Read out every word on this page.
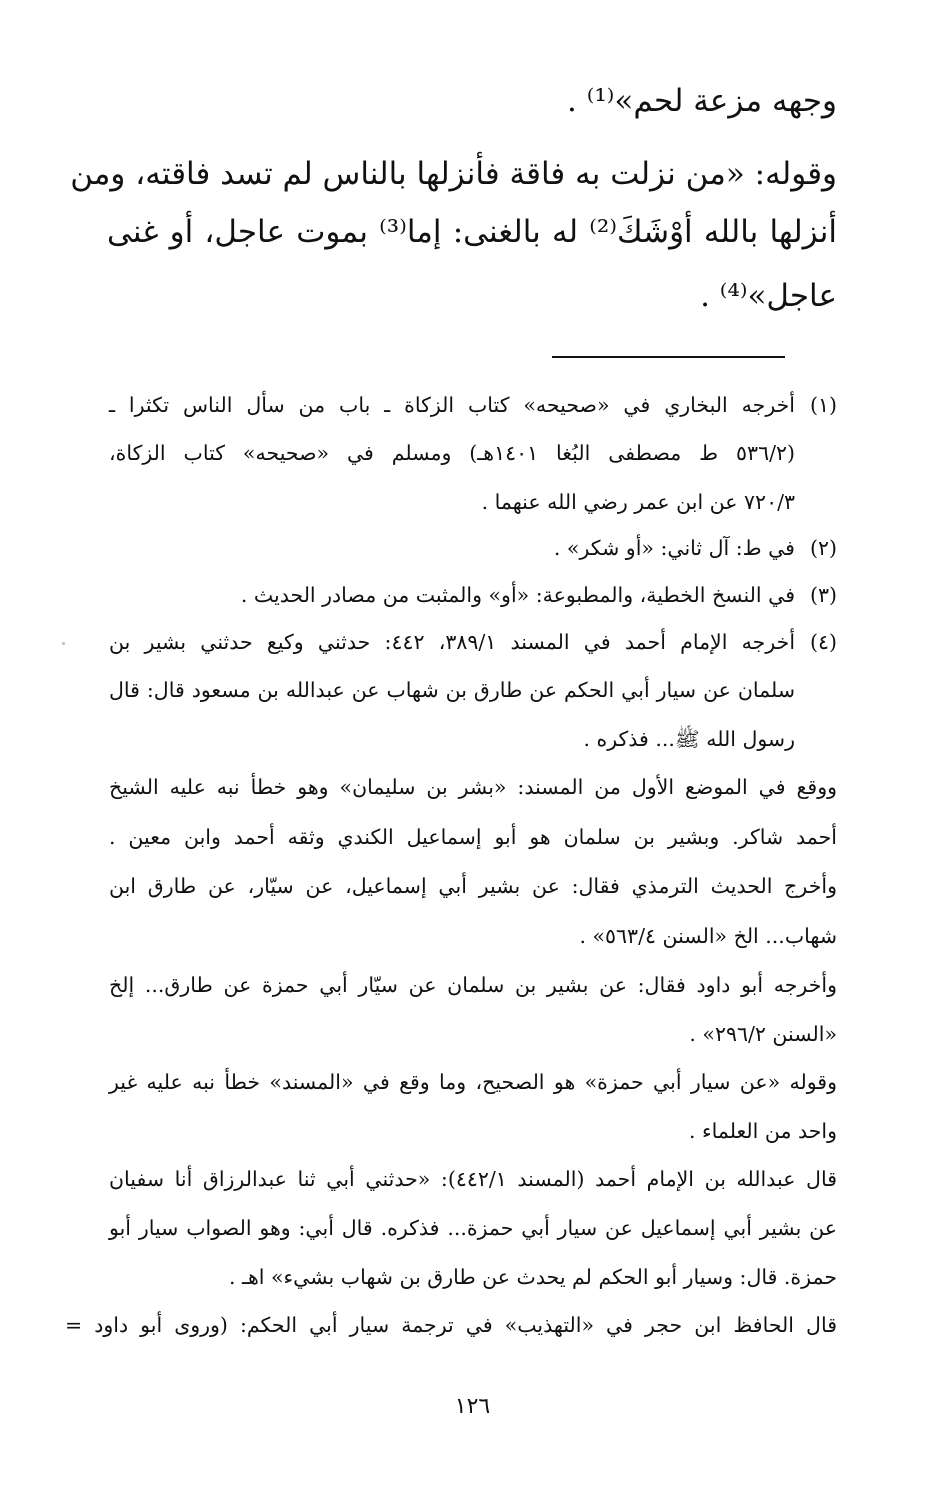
وجهه مزعة لحم»⁽¹⁾ .
وقوله: «من نزلت به فاقة فأنزلها بالناس لم تسد فاقته، ومن
أنزلها بالله أوْشَكَ⁽²⁾ له بالغنى: إما⁽³⁾ بموت عاجل، أو غنى
عاجل»⁽⁴⁾ .
(١)
أخرجه البخاري في «صحيحه» كتاب الزكاة ـ باب من سأل الناس تكثرا ـ
(٥٣٦/٢ ط مصطفى البُغا ١٤٠١هـ) ومسلم في «صحيحه» كتاب الزكاة،
٧٢٠/٣ عن ابن عمر رضي الله عنهما .
(٢)
في ط: آل ثاني: «أو شكر» .
(٣)
في النسخ الخطية، والمطبوعة: «أو» والمثبت من مصادر الحديث .
(٤)
أخرجه الإمام أحمد في المسند ٣٨٩/١، ٤٤٢: حدثني وكيع حدثني بشير بن
سلمان عن سيار أبي الحكم عن طارق بن شهاب عن عبدالله بن مسعود قال: قال
رسول الله ﷺ... فذكره .
ووقع في الموضع الأول من المسند: «بشر بن سليمان» وهو خطأ نبه عليه الشيخ
أحمد شاكر. وبشير بن سلمان هو أبو إسماعيل الكندي وثقه أحمد وابن معين .
وأخرج الحديث الترمذي فقال: عن بشير أبي إسماعيل، عن سيّار، عن طارق ابن
شهاب... الخ «السنن ٥٦٣/٤» .
وأخرجه أبو داود فقال: عن بشير بن سلمان عن سيّار أبي حمزة عن طارق... إلخ
«السنن ٢٩٦/٢» .
وقوله «عن سيار أبي حمزة» هو الصحيح، وما وقع في «المسند» خطأ نبه عليه غير
واحد من العلماء .
قال عبدالله بن الإمام أحمد (المسند ٤٤٢/١): «حدثني أبي ثنا عبدالرزاق أنا سفيان
عن بشير أبي إسماعيل عن سيار أبي حمزة... فذكره. قال أبي: وهو الصواب سيار أبو
حمزة. قال: وسيار أبو الحكم لم يحدث عن طارق بن شهاب بشيء» اهـ .
قال الحافظ ابن حجر في «التهذيب» في ترجمة سيار أبي الحكم: (وروى أبو داود =
١٢٦
